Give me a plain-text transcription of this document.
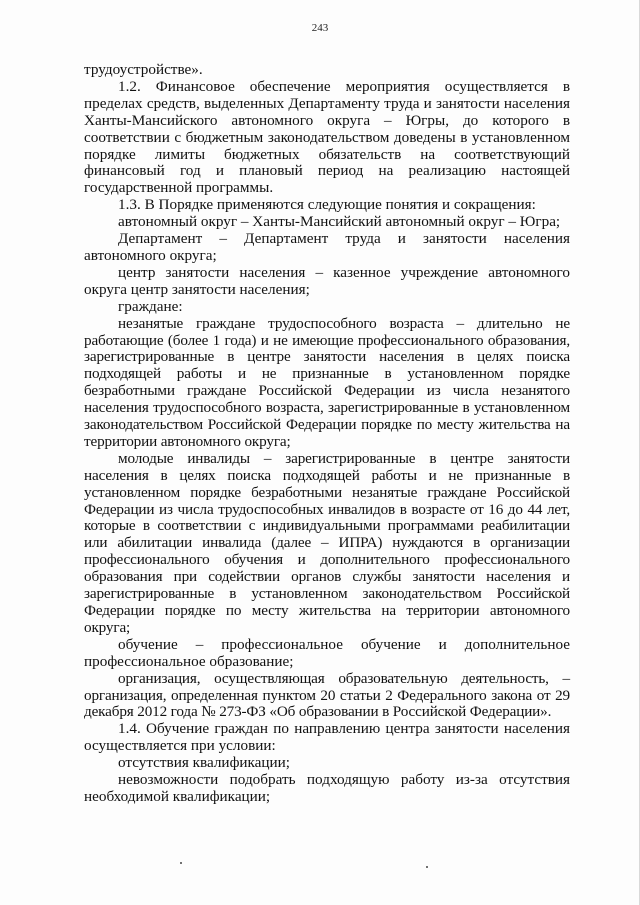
243

трудоустройстве».

1.2. Финансовое обеспечение мероприятия осуществляется в пределах средств, выделенных Департаменту труда и занятости населения Ханты-Мансийского автономного округа – Югры, до которого в соответствии с бюджетным законодательством доведены в установленном порядке лимиты бюджетных обязательств на соответствующий финансовый год и плановый период на реализацию настоящей государственной программы.

1.3. В Порядке применяются следующие понятия и сокращения:

автономный округ – Ханты-Мансийский автономный округ – Югра;

Департамент – Департамент труда и занятости населения автономного округа;

центр занятости населения – казенное учреждение автономного округа центр занятости населения;

граждане:

незанятые граждане трудоспособного возраста – длительно не работающие (более 1 года) и не имеющие профессионального образования, зарегистрированные в центре занятости населения в целях поиска подходящей работы и не признанные в установленном порядке безработными граждане Российской Федерации из числа незанятого населения трудоспособного возраста, зарегистрированные в установленном законодательством Российской Федерации порядке по месту жительства на территории автономного округа;

молодые инвалиды – зарегистрированные в центре занятости населения в целях поиска подходящей работы и не признанные в установленном порядке безработными незанятые граждане Российской Федерации из числа трудоспособных инвалидов в возрасте от 16 до 44 лет, которые в соответствии с индивидуальными программами реабилитации или абилитации инвалида (далее – ИПРА) нуждаются в организации профессионального обучения и дополнительного профессионального образования при содействии органов службы занятости населения и зарегистрированные в установленном законодательством Российской Федерации порядке по месту жительства на территории автономного округа;

обучение – профессиональное обучение и дополнительное профессиональное образование;

организация, осуществляющая образовательную деятельность, – организация, определенная пунктом 20 статьи 2 Федерального закона от 29 декабря 2012 года № 273-ФЗ «Об образовании в Российской Федерации».

1.4. Обучение граждан по направлению центра занятости населения осуществляется при условии:

отсутствия квалификации;

невозможности подобрать подходящую работу из-за отсутствия необходимой квалификации;
